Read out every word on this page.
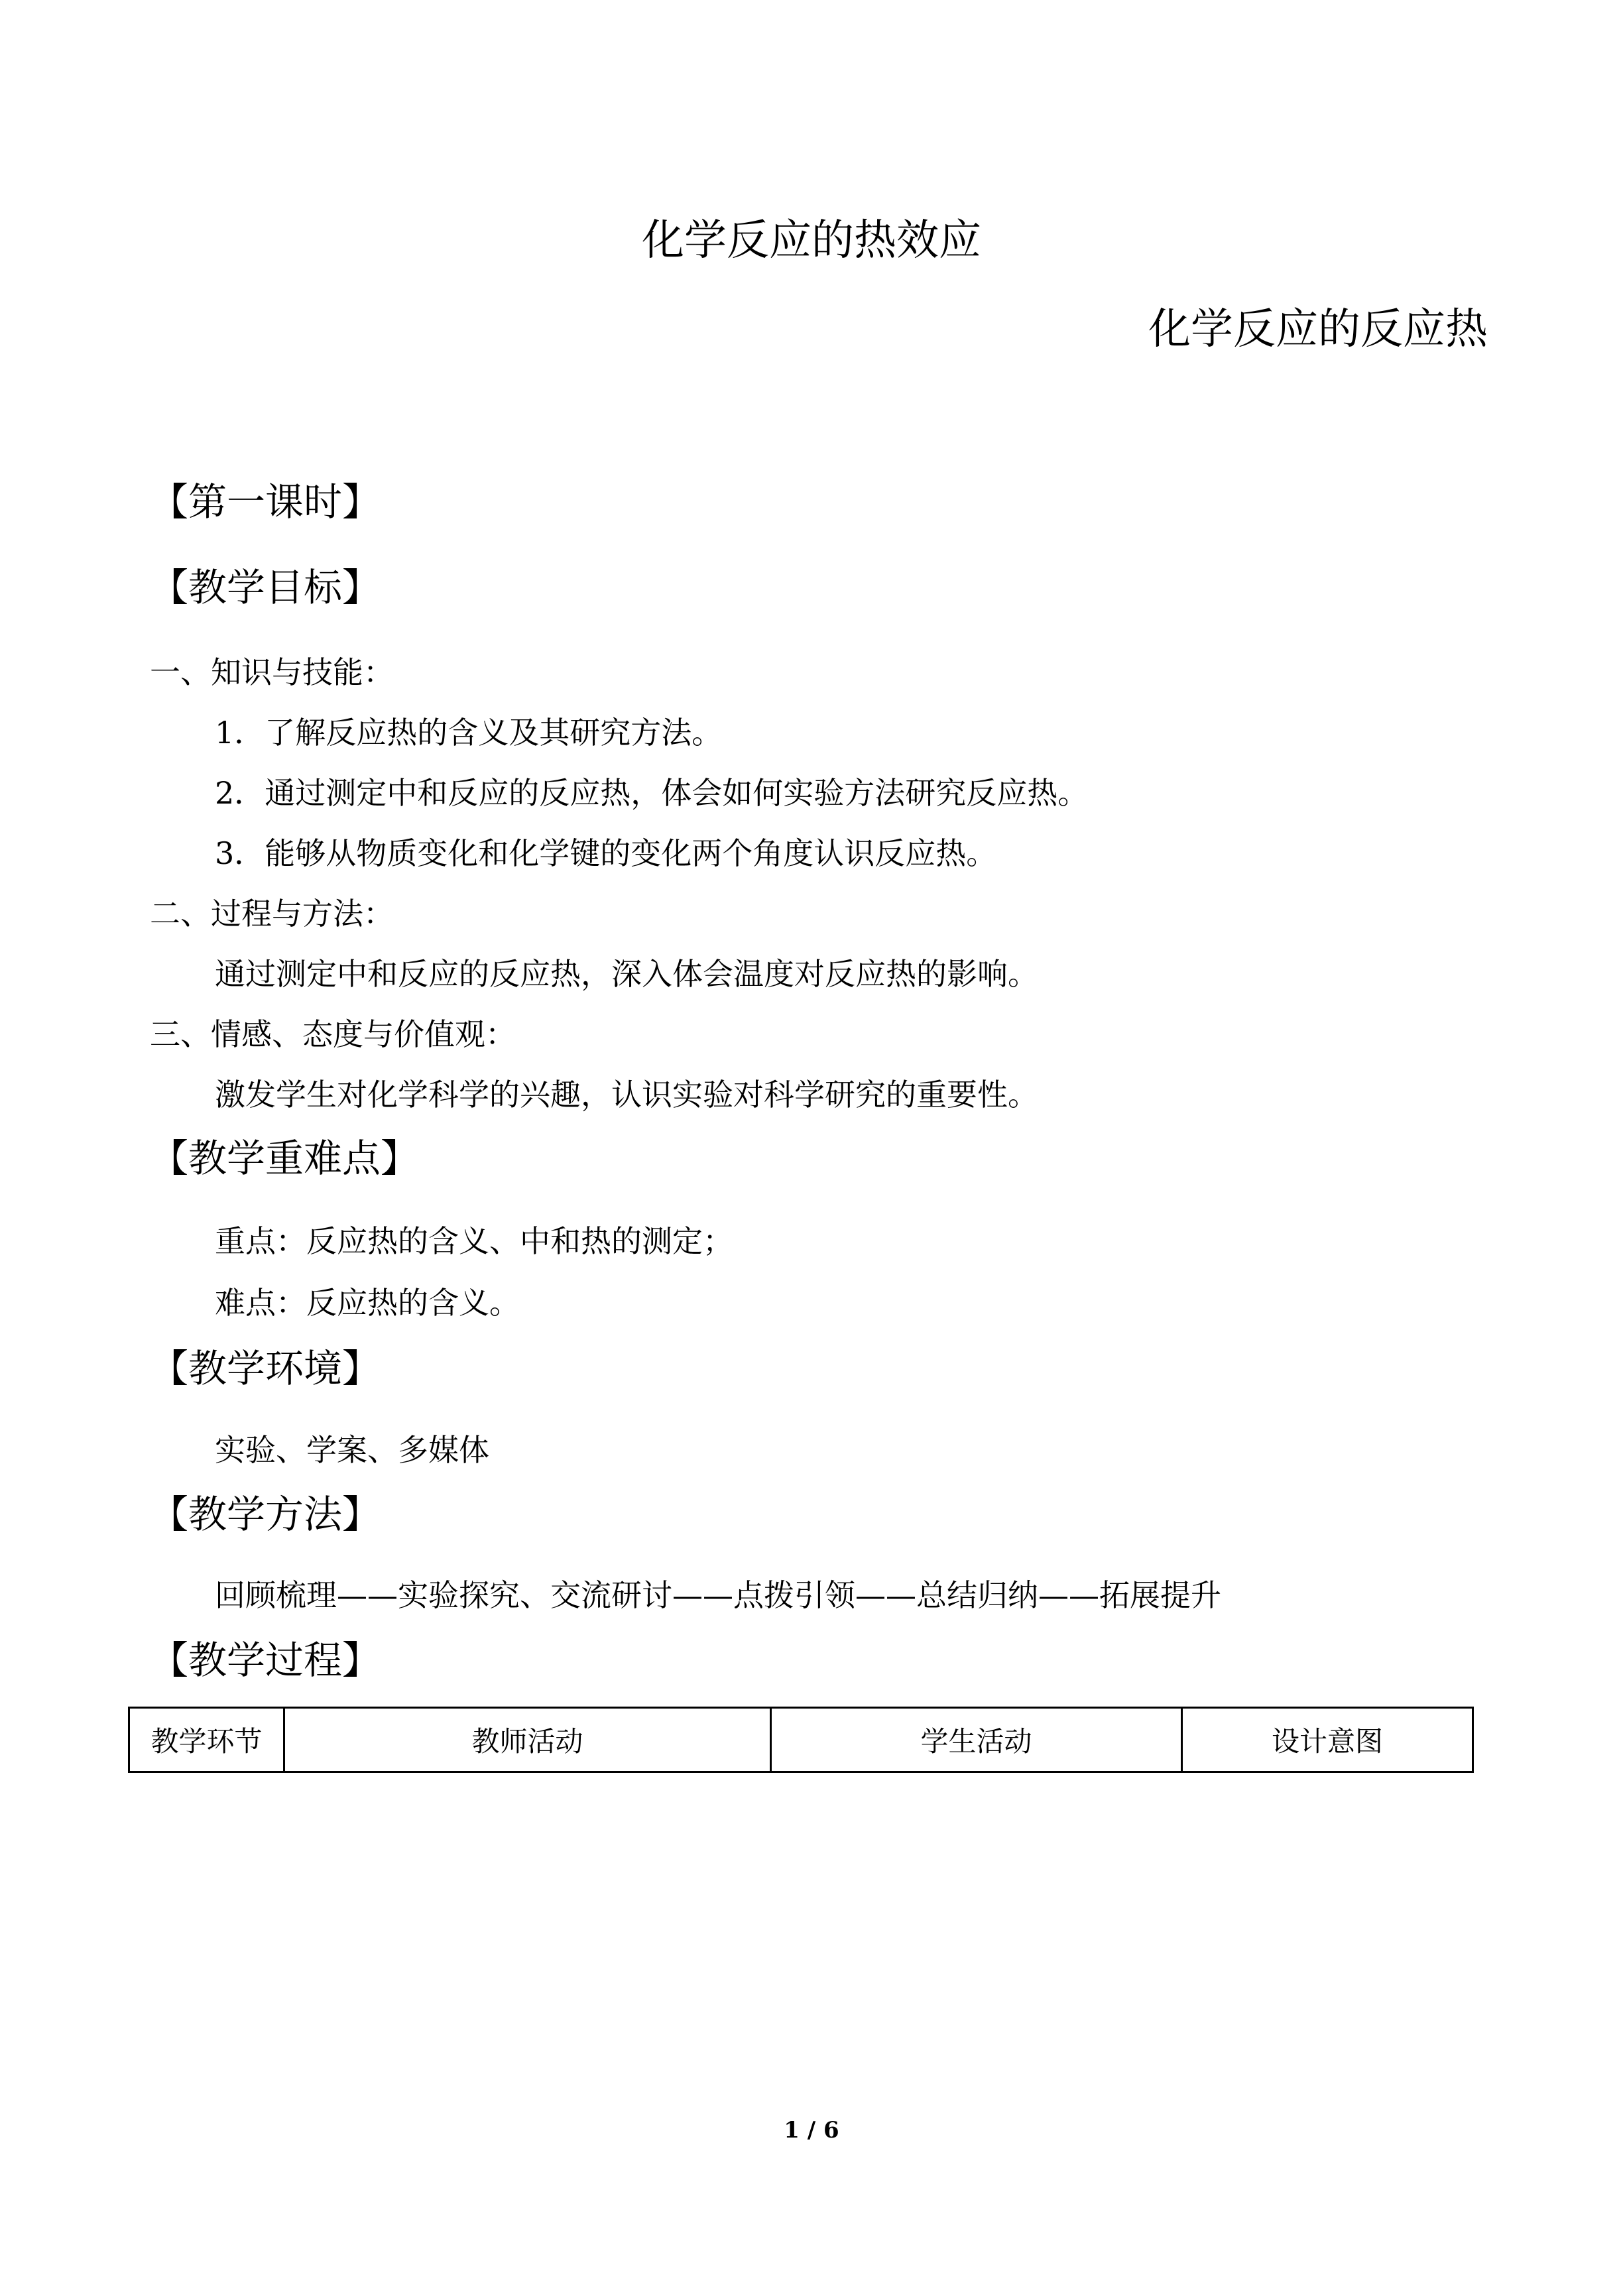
化学反应的热效应
化学反应的反应热
【第一课时】
【教学目标】
一、知识与技能：
1．了解反应热的含义及其研究方法。
2．通过测定中和反应的反应热，体会如何实验方法研究反应热。
3．能够从物质变化和化学键的变化两个角度认识反应热。
二、过程与方法：
通过测定中和反应的反应热，深入体会温度对反应热的影响。
三、情感、态度与价值观：
激发学生对化学科学的兴趣，认识实验对科学研究的重要性。
【教学重难点】
重点：反应热的含义、中和热的测定；
难点：反应热的含义。
【教学环境】
实验、学案、多媒体
【教学方法】
回顾梳理——实验探究、交流研讨——点拨引领——总结归纳——拓展提升
【教学过程】
教学环节	教师活动	学生活动	设计意图
1 / 6
